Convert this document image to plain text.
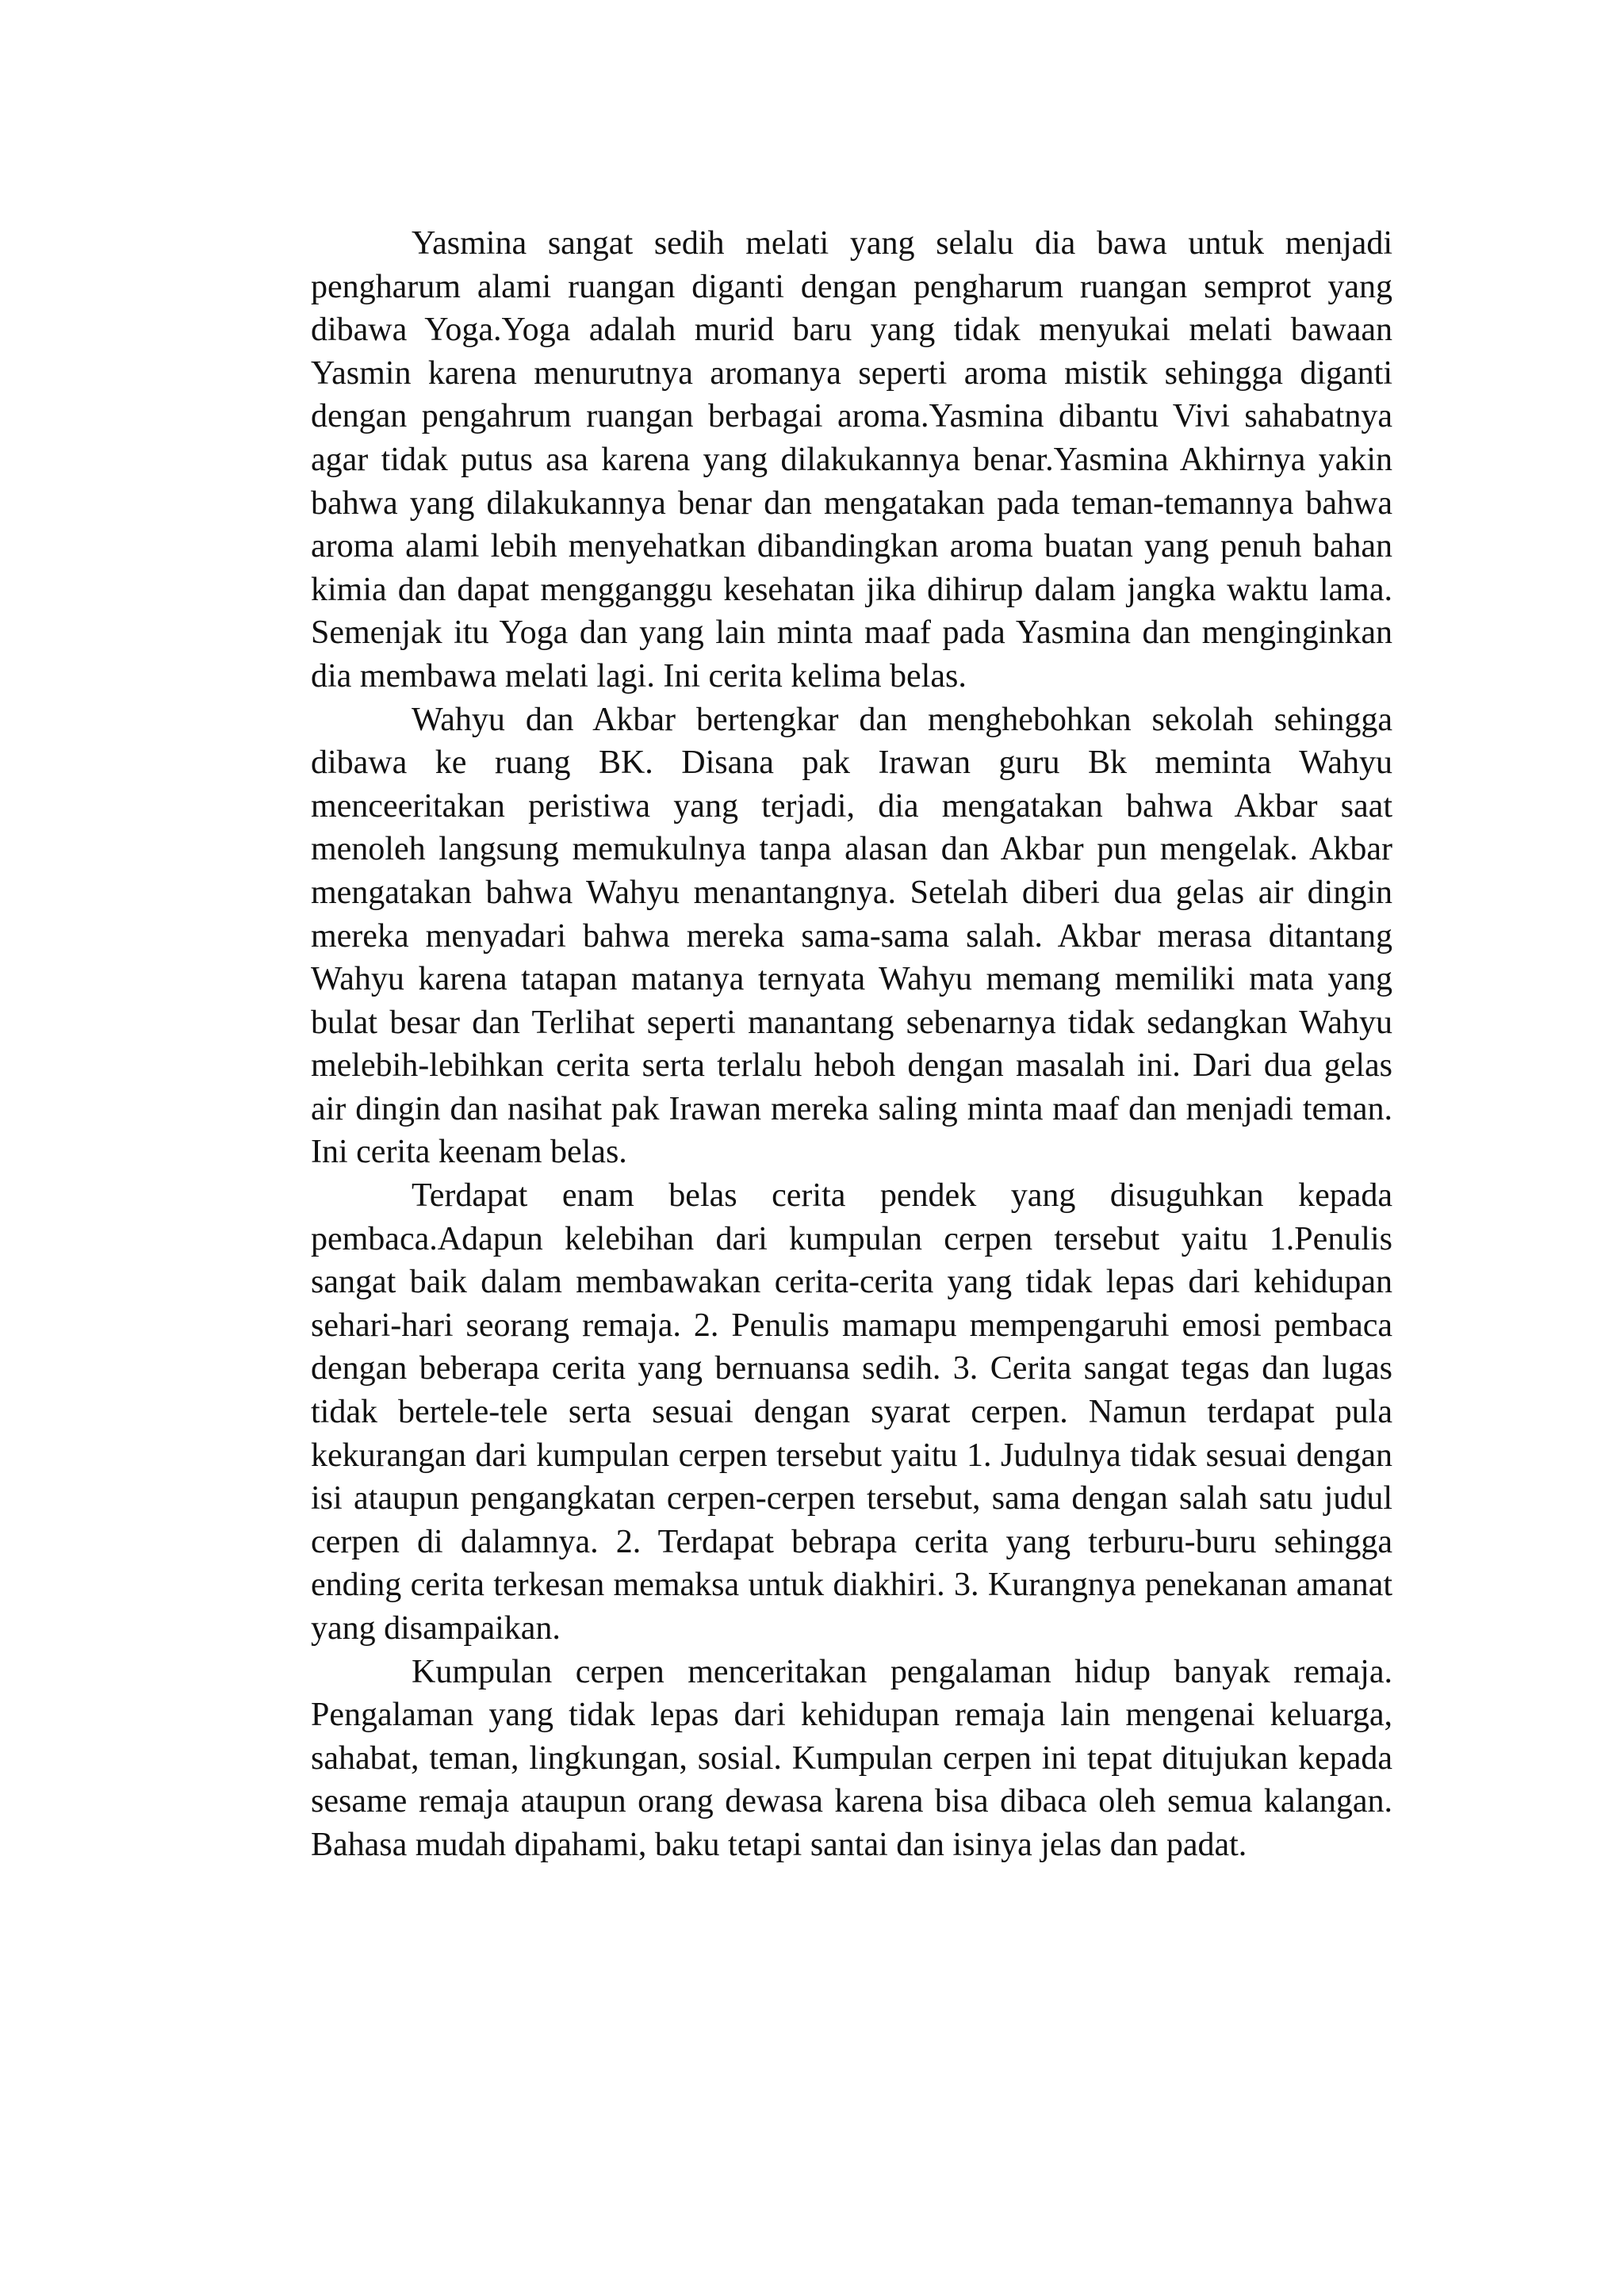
Yasmina sangat sedih melati yang selalu dia bawa untuk menjadi pengharum alami ruangan diganti dengan pengharum ruangan semprot yang dibawa Yoga.Yoga adalah murid baru yang tidak menyukai melati bawaan Yasmin karena menurutnya aromanya seperti aroma mistik sehingga diganti dengan pengahrum ruangan berbagai aroma.Yasmina dibantu Vivi sahabatnya agar tidak putus asa karena yang dilakukannya benar.Yasmina Akhirnya yakin bahwa yang dilakukannya benar dan mengatakan pada teman-temannya bahwa aroma alami lebih menyehatkan dibandingkan aroma buatan yang penuh bahan kimia dan dapat mengganggu kesehatan jika dihirup dalam jangka waktu lama. Semenjak itu Yoga dan yang lain minta maaf pada Yasmina dan menginginkan dia membawa melati lagi. Ini cerita kelima belas.

Wahyu dan Akbar bertengkar dan menghebohkan sekolah sehingga dibawa ke ruang BK. Disana pak Irawan guru Bk meminta Wahyu menceeritakan peristiwa yang terjadi, dia mengatakan bahwa Akbar saat menoleh langsung memukulnya tanpa alasan dan Akbar pun mengelak. Akbar mengatakan bahwa Wahyu menantangnya. Setelah diberi dua gelas air dingin mereka menyadari bahwa mereka sama-sama salah. Akbar merasa ditantang Wahyu karena tatapan matanya ternyata Wahyu memang memiliki mata yang bulat besar dan Terlihat seperti manantang sebenarnya tidak sedangkan Wahyu melebih-lebihkan cerita serta terlalu heboh dengan masalah ini. Dari dua gelas air dingin dan nasihat pak Irawan mereka saling minta maaf dan menjadi teman. Ini cerita keenam belas.

Terdapat enam belas cerita pendek yang disuguhkan kepada pembaca.Adapun kelebihan dari kumpulan cerpen tersebut yaitu 1.Penulis sangat baik dalam membawakan cerita-cerita yang tidak lepas dari kehidupan sehari-hari seorang remaja. 2. Penulis mamapu mempengaruhi emosi pembaca dengan beberapa cerita yang bernuansa sedih. 3. Cerita sangat tegas dan lugas tidak bertele-tele serta sesuai dengan syarat cerpen. Namun terdapat pula kekurangan dari kumpulan cerpen tersebut yaitu 1. Judulnya tidak sesuai dengan isi ataupun pengangkatan cerpen-cerpen tersebut, sama dengan salah satu judul cerpen di dalamnya. 2. Terdapat bebrapa cerita yang terburu-buru sehingga ending cerita terkesan memaksa untuk diakhiri. 3. Kurangnya penekanan amanat yang disampaikan.

Kumpulan cerpen menceritakan pengalaman hidup banyak remaja. Pengalaman yang tidak lepas dari kehidupan remaja lain mengenai keluarga, sahabat, teman, lingkungan, sosial. Kumpulan cerpen ini tepat ditujukan kepada sesame remaja ataupun orang dewasa karena bisa dibaca oleh semua kalangan. Bahasa mudah dipahami, baku tetapi santai dan isinya jelas dan padat.
